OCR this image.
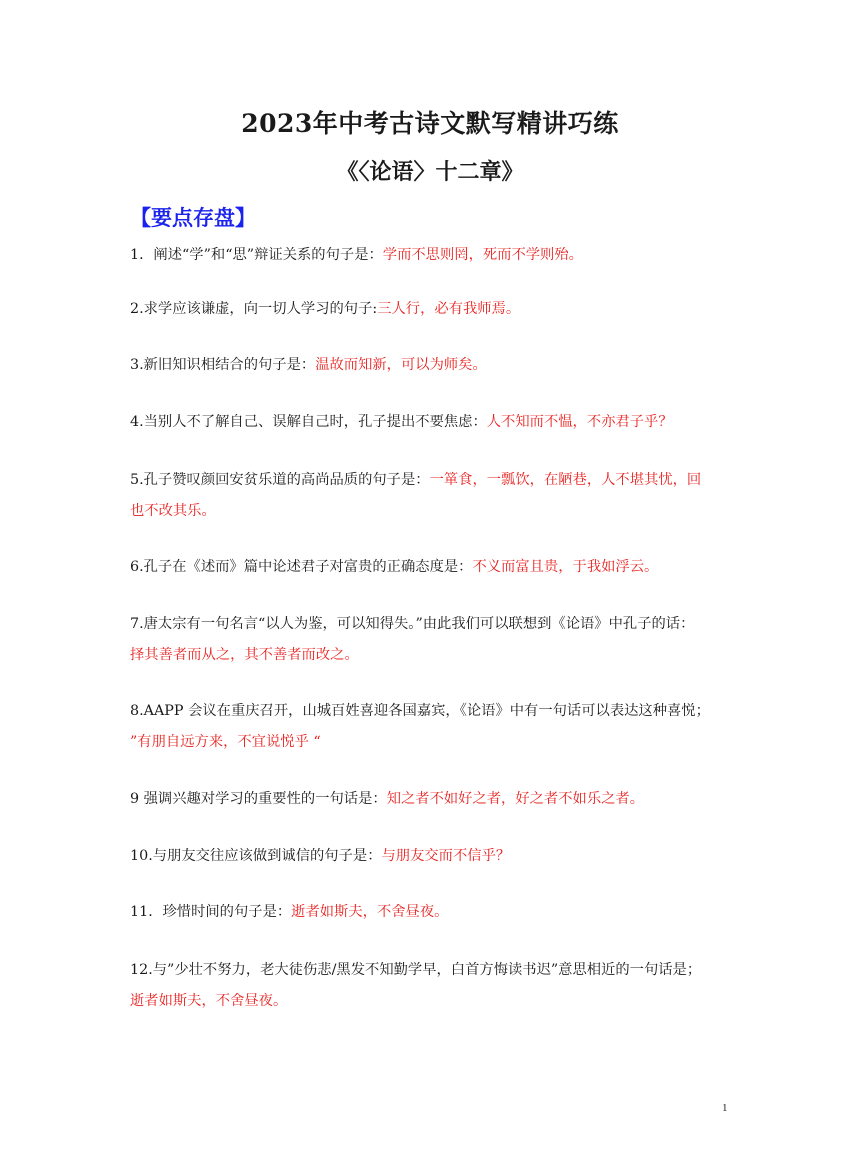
2023年中考古诗文默写精讲巧练
《〈论语〉十二章》
【要点存盘】
1．阐述“学”和“思”辩证关系的句子是：学而不思则罔，死而不学则殆。
2.求学应该谦虚，向一切人学习的句子:三人行，必有我师焉。
3.新旧知识相结合的句子是：温故而知新，可以为师矣。
4.当别人不了解自己、误解自己时，孔子提出不要焦虑：人不知而不愠，不亦君子乎？
5.孔子赞叹颜回安贫乐道的高尚品质的句子是：一箪食，一瓢饮，在陋巷，人不堪其忧，回
也不改其乐。
6.孔子在《述而》篇中论述君子对富贵的正确态度是：不义而富且贵，于我如浮云。
7.唐太宗有一句名言“以人为鉴，可以知得失。”由此我们可以联想到《论语》中孔子的话：
择其善者而从之，其不善者而改之。
8.AAPP 会议在重庆召开，山城百姓喜迎各国嘉宾，《论语》中有一句话可以表达这种喜悦；
”有朋自远方来，不宜说悦乎 “
9 强调兴趣对学习的重要性的一句话是：知之者不如好之者，好之者不如乐之者。
10.与朋友交往应该做到诚信的句子是：与朋友交而不信乎？
11．珍惜时间的句子是：逝者如斯夫，不舍昼夜。
12.与”少壮不努力，老大徒伤悲/黑发不知勤学早，白首方悔读书迟”意思相近的一句话是；
逝者如斯夫，不舍昼夜。
1
